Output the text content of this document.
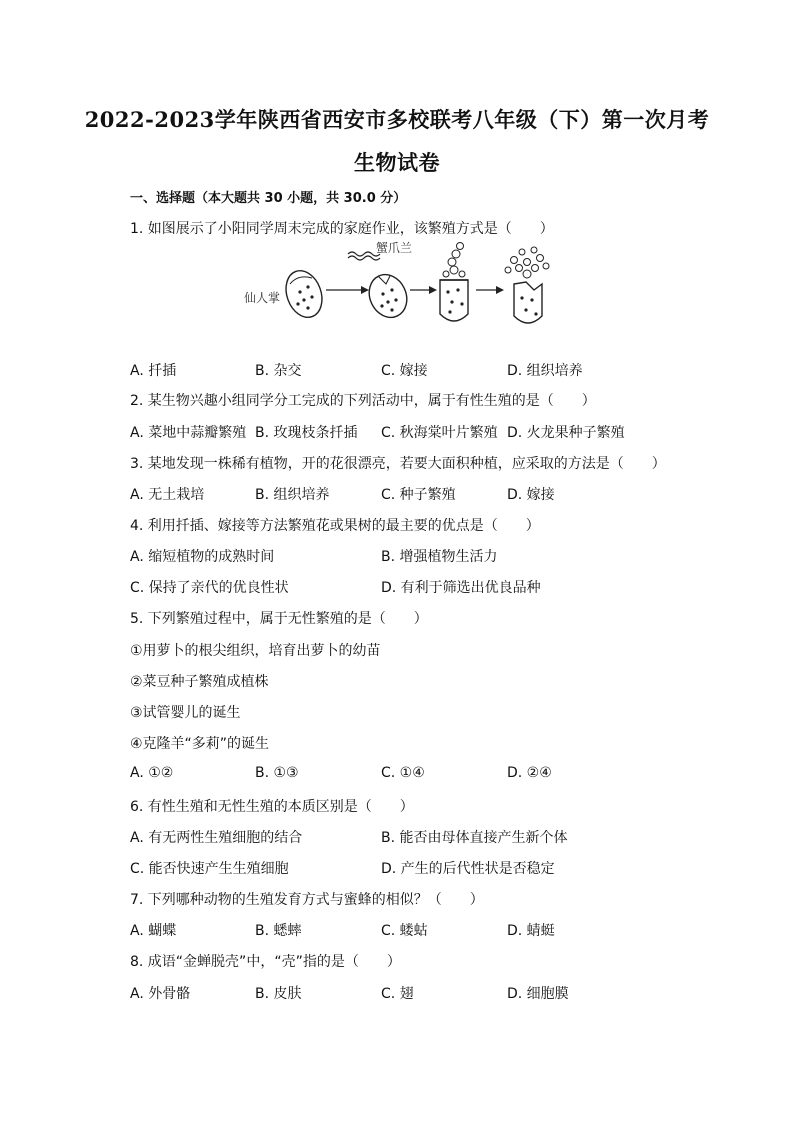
2022-2023学年陕西省西安市多校联考八年级（下）第一次月考
生物试卷
一、选择题（本大题共 30 小题，共 30.0 分）
1. 如图展示了小阳同学周末完成的家庭作业，该繁殖方式是（　　）
仙人掌
蟹爪兰
A. 扦插	B. 杂交	C. 嫁接	D. 组织培养
2. 某生物兴趣小组同学分工完成的下列活动中，属于有性生殖的是（　　）
A. 菜地中蒜瓣繁殖 B. 玫瑰枝条扦插 C. 秋海棠叶片繁殖 D. 火龙果种子繁殖
3. 某地发现一株稀有植物，开的花很漂亮，若要大面积种植，应采取的方法是（　　）
A. 无土栽培	B. 组织培养	C. 种子繁殖	D. 嫁接
4. 利用扦插、嫁接等方法繁殖花或果树的最主要的优点是（　　）
A. 缩短植物的成熟时间	B. 增强植物生活力
C. 保持了亲代的优良性状	D. 有利于筛选出优良品种
5. 下列繁殖过程中，属于无性繁殖的是（　　）
①用萝卜的根尖组织，培育出萝卜的幼苗
②菜豆种子繁殖成植株
③试管婴儿的诞生
④克隆羊“多莉”的诞生
A. ①②	B. ①③	C. ①④	D. ②④
6. 有性生殖和无性生殖的本质区别是（　　）
A. 有无两性生殖细胞的结合	B. 能否由母体直接产生新个体
C. 能否快速产生生殖细胞	D. 产生的后代性状是否稳定
7. 下列哪种动物的生殖发育方式与蜜蜂的相似？（　　）
A. 蝴蝶	B. 蟋蟀	C. 蝼蛄	D. 蜻蜓
8. 成语“金蝉脱壳”中，“壳”指的是（　　）
A. 外骨骼	B. 皮肤	C. 翅	D. 细胞膜
